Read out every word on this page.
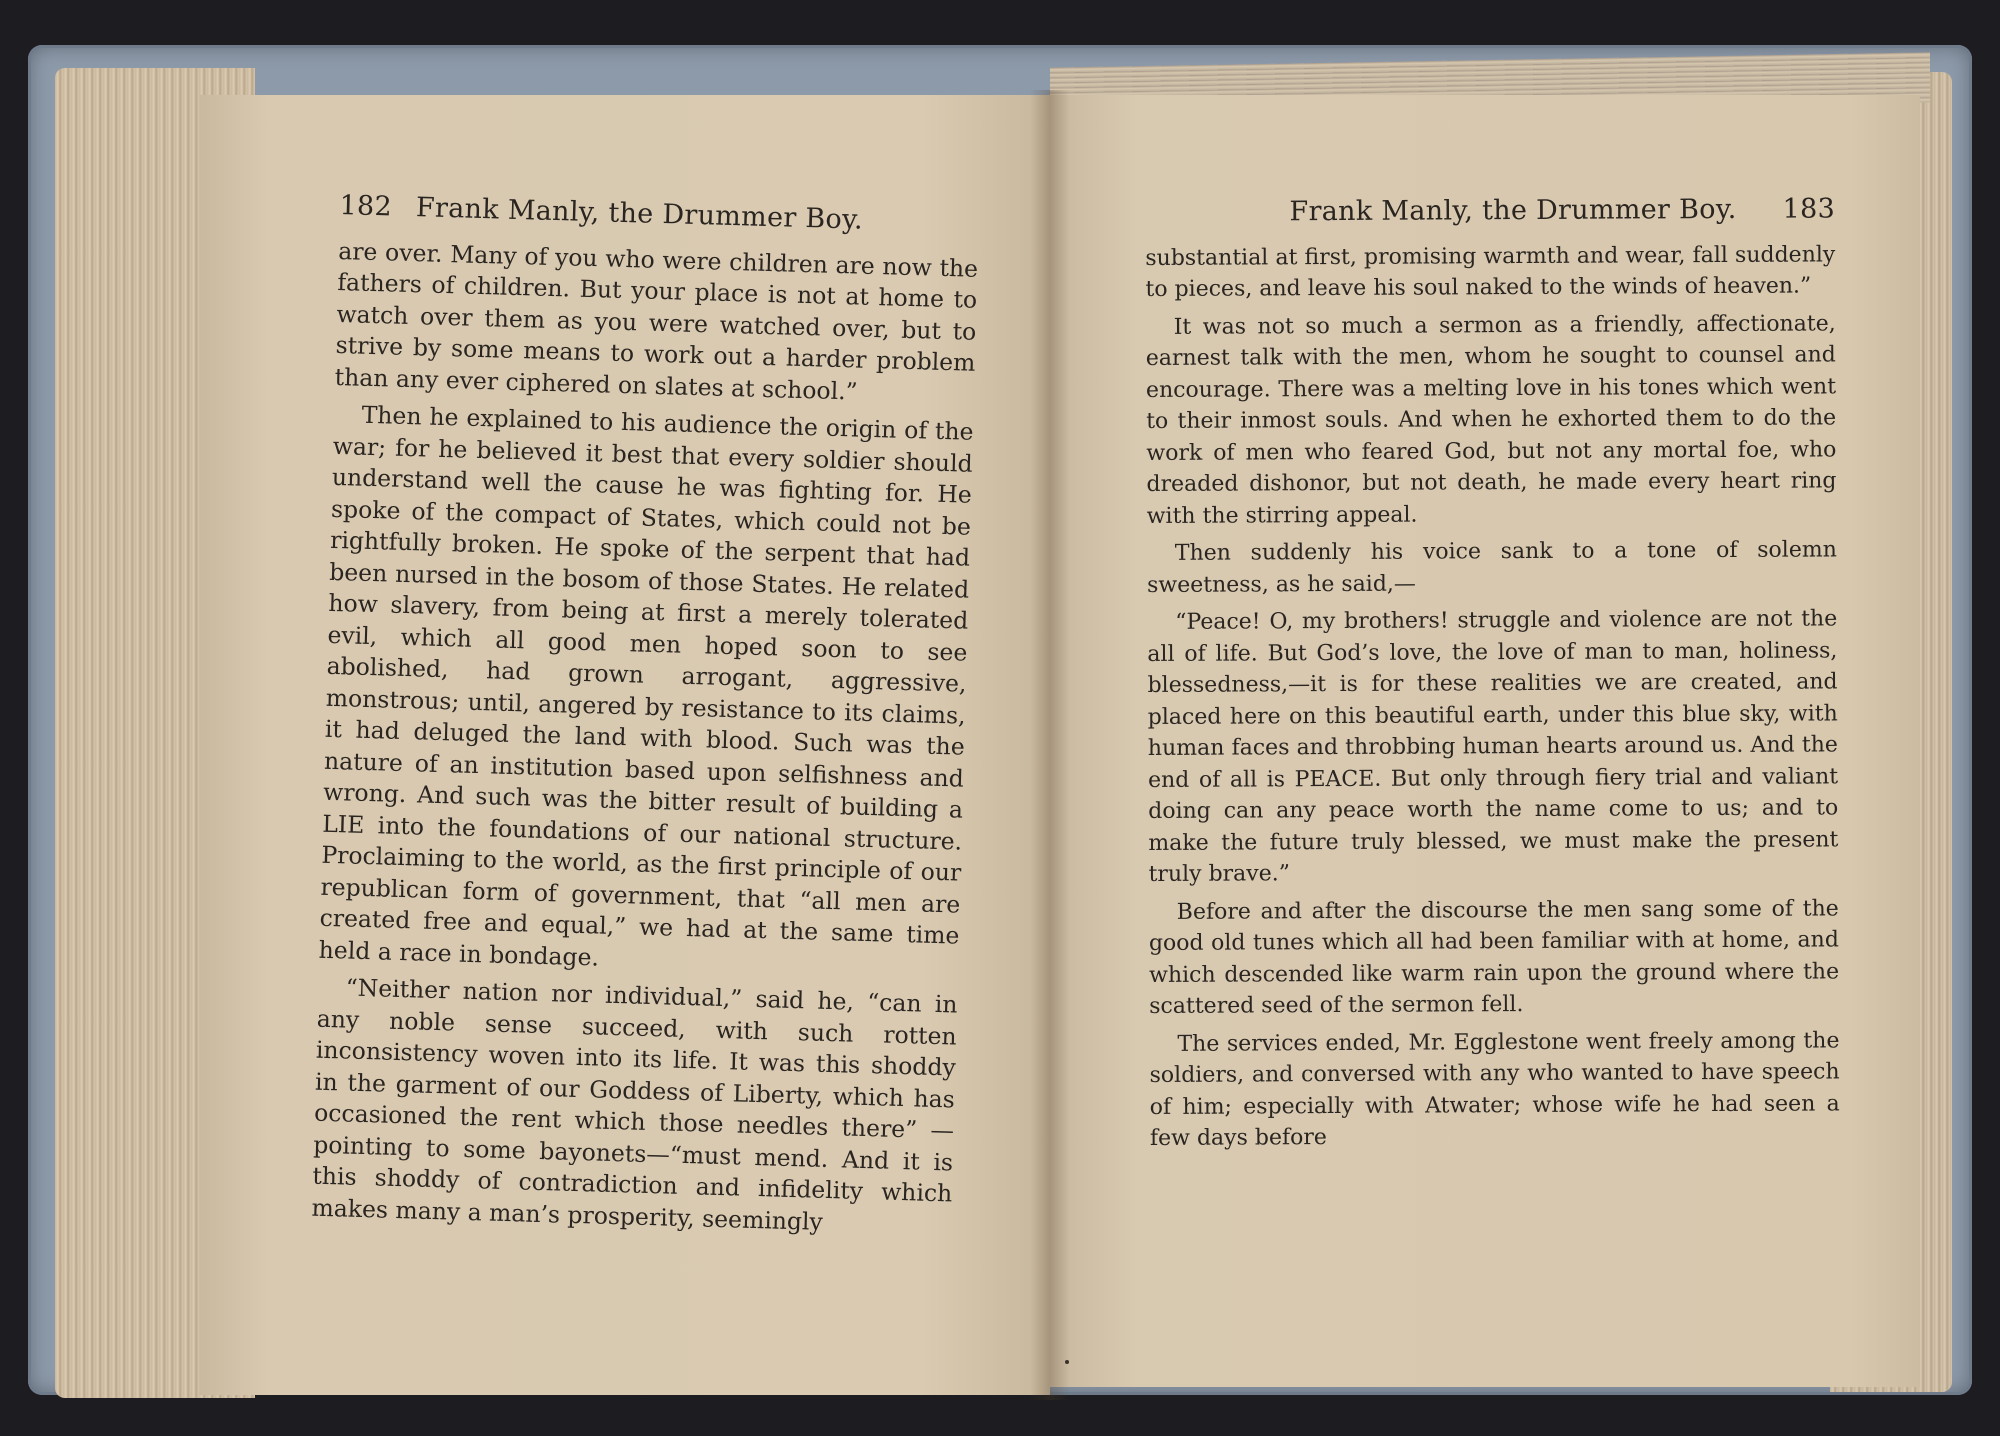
182 Frank Manly, the Drummer Boy.

are over. Many of you who were children are now the fathers of children. But your place is not at home to watch over them as you were watched over, but to strive by some means to work out a harder problem than any ever ciphered on slates at school.”

Then he explained to his audience the origin of the war; for he believed it best that every soldier should understand well the cause he was fighting for. He spoke of the compact of States, which could not be rightfully broken. He spoke of the serpent that had been nursed in the bosom of those States. He related how slavery, from being at first a merely tolerated evil, which all good men hoped soon to see abolished, had grown arrogant, aggressive, monstrous; until, angered by resistance to its claims, it had deluged the land with blood. Such was the nature of an institution based upon selfishness and wrong. And such was the bitter result of building a LIE into the foundations of our national structure. Proclaiming to the world, as the first principle of our republican form of government, that “all men are created free and equal,” we had at the same time held a race in bondage.

“Neither nation nor individual,” said he, “can in any noble sense succeed, with such rotten inconsistency woven into its life. It was this shoddy in the garment of our Goddess of Liberty, which has occasioned the rent which those needles there” —pointing to some bayonets—“must mend. And it is this shoddy of contradiction and infidelity which makes many a man’s prosperity, seemingly

Frank Manly, the Drummer Boy. 183

substantial at first, promising warmth and wear, fall suddenly to pieces, and leave his soul naked to the winds of heaven.”

It was not so much a sermon as a friendly, affectionate, earnest talk with the men, whom he sought to counsel and encourage. There was a melting love in his tones which went to their inmost souls. And when he exhorted them to do the work of men who feared God, but not any mortal foe, who dreaded dishonor, but not death, he made every heart ring with the stirring appeal.

Then suddenly his voice sank to a tone of solemn sweetness, as he said,—

“Peace! O, my brothers! struggle and violence are not the all of life. But God’s love, the love of man to man, holiness, blessedness,—it is for these realities we are created, and placed here on this beautiful earth, under this blue sky, with human faces and throbbing human hearts around us. And the end of all is PEACE. But only through fiery trial and valiant doing can any peace worth the name come to us; and to make the future truly blessed, we must make the present truly brave.”

Before and after the discourse the men sang some of the good old tunes which all had been familiar with at home, and which descended like warm rain upon the ground where the scattered seed of the sermon fell.

The services ended, Mr. Egglestone went freely among the soldiers, and conversed with any who wanted to have speech of him; especially with Atwater; whose wife he had seen a few days before
